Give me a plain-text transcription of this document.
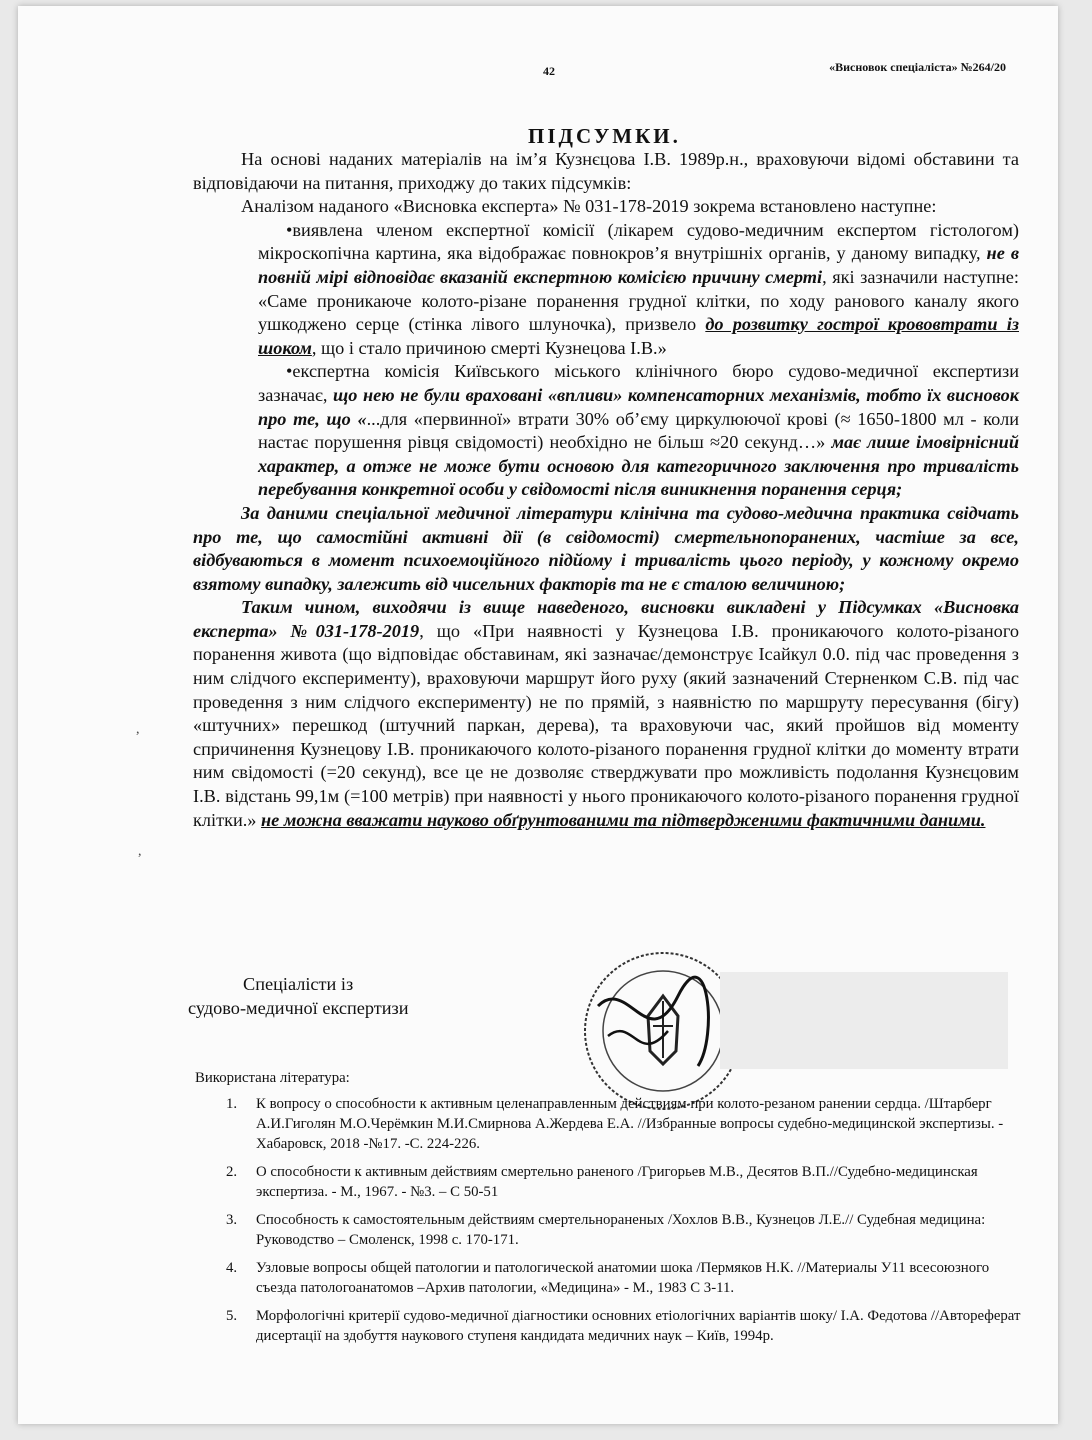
42	«Висновок спеціаліста» №264/20
ПІДСУМКИ.

На основі наданих матеріалів на ім’я Кузнєцова І.В. 1989р.н., враховуючи відомі обставини та відповідаючи на питання, приходжу до таких підсумків:

Аналізом наданого «Висновка експерта» № 031-178-2019 зокрема встановлено наступне:

•виявлена членом експертної комісії (лікарем судово-медичним експертом гістологом) мікроскопічна картина, яка відображає повнокров’я внутрішніх органів, у даному випадку, не в повній мірі відповідає вказаній експертною комісією причину смерті, які зазначили наступне: «Саме проникаюче колото-різане поранення грудної клітки, по ходу ранового каналу якого ушкоджено серце (стінка лівого шлуночка), призвело до розвитку гострої крововтрати із шоком, що і стало причиною смерті Кузнецова І.В.»

•експертна комісія Київського міського клінічного бюро судово-медичної експертизи зазначає, що нею не були враховані «впливи» компенсаторних механізмів, тобто їх висновок про те, що «...для «первинної» втрати 30% об’єму циркулюючої крові (≈ 1650-1800 мл - коли настає порушення рівця свідомості) необхідно не більш ≈20 секунд…» має лише імовірнісний характер, а отже не може бути основою для категоричного заключення про тривалість перебування конкретної особи у свідомості після виникнення поранення серця;

За даними спеціальної медичної літератури клінічна та судово-медична практика свідчать про те, що самостійні активні дії (в свідомості) смертельнопоранених, частіше за все, відбуваються в момент психоемоційного підйому і тривалість цього періоду, у кожному окремо взятому випадку, залежить від чисельних факторів та не є сталою величиною;

Таким чином, виходячи із вище наведеного, висновки викладені у Підсумках «Висновка експерта» №031-178-2019, що «При наявності у Кузнецова І.В. проникаючого колото-різаного поранення живота (що відповідає обставинам, які зазначає/демонструє Ісайкул 0.0. під час проведення з ним слідчого експерименту), враховуючи маршрут його руху (який зазначений Стерненком С.В. під час проведення з ним слідчого експерименту) не по прямій, з наявністю по маршруту пересування (бігу) «штучних» перешкод (штучний паркан, дерева), та враховуючи час, який пройшов від моменту спричинення Кузнецову І.В. проникаючого колото-різаного поранення грудної клітки до моменту втрати ним свідомості (=20 секунд), все це не дозволяє стверджувати про можливість подолання Кузнєцовим І.В. відстань 99,1м (=100 метрів) при наявності у нього проникаючого колото-різаного поранення грудної клітки.» не можна вважати науково обґрунтованими та підтвердженими фактичними даними.

Спеціалісти із
судово-медичної експертизи
,
,
Використана література:
1. К вопросу о способности к активным целенаправленным действиям при колото-резаном ранении сердца. /Штарберг А.И.Гиголян М.О.Черёмкин М.И.Смирнова А.Жердева Е.А. //Избранные вопросы судебно-медицинской экспертизы. - Хабаровск, 2018 -№17. -С. 224-226.
2. О способности к активным действиям смертельно раненого /Григорьев М.В., Десятов В.П.//Судебно-медицинская экспертиза. - М., 1967. - №3. – С 50-51
3. Способность к самостоятельным действиям смертельнораненых /Хохлов В.В., Кузнецов Л.Е.// Судебная медицина: Руководство – Смоленск, 1998 с. 170-171.
4. Узловые вопросы общей патологии и патологической анатомии шока /Пермяков Н.К. //Материалы У11 всесоюзного съезда патологоанатомов –Архив патологии, «Медицина» - М., 1983 С 3-11.
5. Морфологічні критерії судово-медичної діагностики основних етіологічних варіантів шоку/ І.А. Федотова //Автореферат дисертації на здобуття наукового ступеня кандидата медичних наук – Київ, 1994р.
